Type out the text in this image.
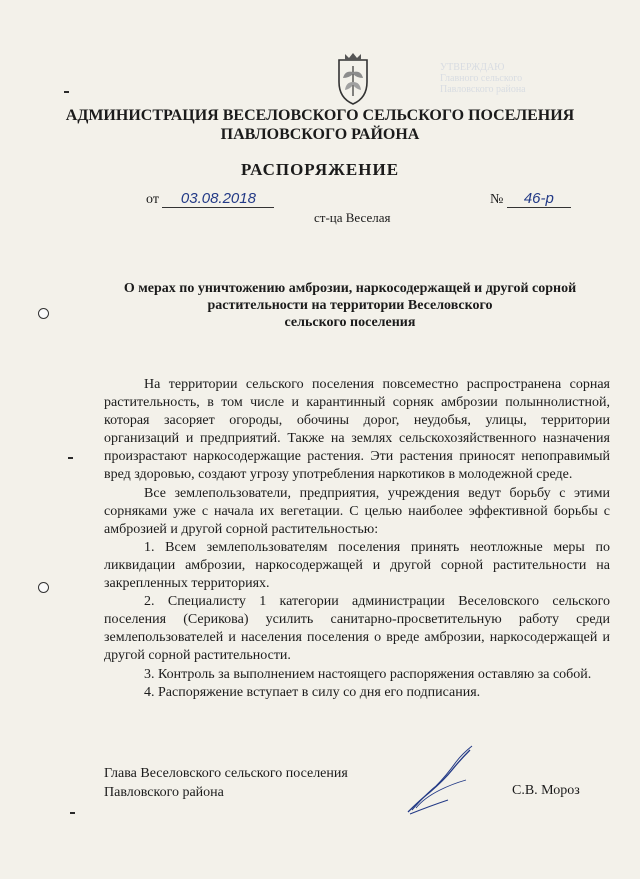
УТВЕРЖДАЮ
Главного сельского
Павловского района

АДМИНИСТРАЦИЯ ВЕСЕЛОВСКОГО СЕЛЬСКОГО ПОСЕЛЕНИЯ

ПАВЛОВСКОГО РАЙОНА

РАСПОРЯЖЕНИЕ
от 03.08.2018	№ 46-р
ст-ца Веселая

О мерах по уничтожению амброзии, наркосодержащей и другой сорной

растительности на территории Веселовского

сельского поселения

На территории сельского поселения повсеместно распространена сорная растительность, в том числе и карантинный сорняк амброзии полыннолистной, которая засоряет огороды, обочины дорог, неудобья, улицы, территории организаций и предприятий. Также на землях сельскохозяйственного назначения произрастают наркосодержащие растения. Эти растения приносят непоправимый вред здоровью, создают угрозу употребления наркотиков в молодежной среде.

Все землепользователи, предприятия, учреждения ведут борьбу с этими сорняками уже с начала их вегетации. С целью наиболее эффективной борьбы с амброзией и другой сорной растительностью:

1. Всем землепользователям поселения принять неотложные меры по ликвидации амброзии, наркосодержащей и другой сорной растительности на закрепленных территориях.

2. Специалисту 1 категории администрации Веселовского сельского поселения (Серикова) усилить санитарно-просветительную работу среди землепользователей и населения поселения о вреде амброзии, наркосодержащей и другой сорной растительности.

3. Контроль за выполнением настоящего распоряжения оставляю за собой.

4. Распоряжение вступает в силу со дня его подписания.

Глава Веселовского сельского поселения

Павловского района	С.В. Мороз
